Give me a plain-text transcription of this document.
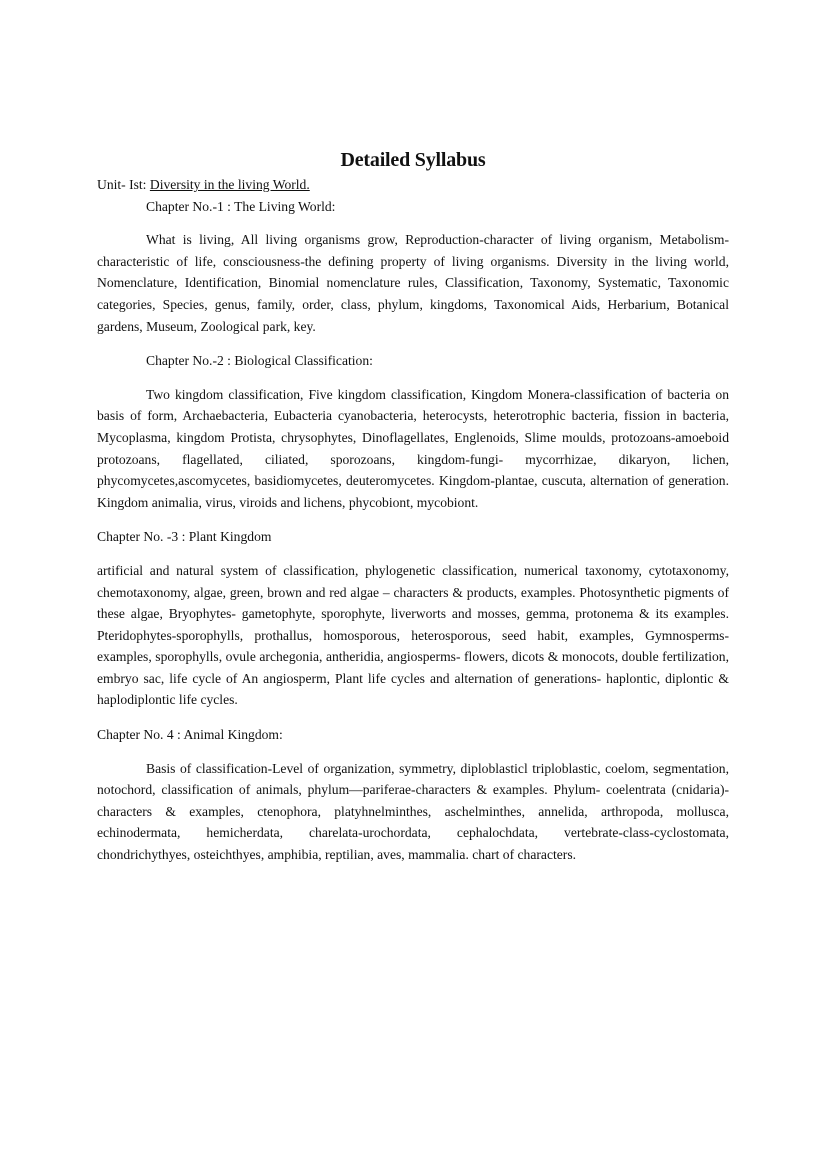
Detailed Syllabus

Unit- Ist: Diversity in the living World.

Chapter No.-1 : The Living World:

What is living, All living organisms grow, Reproduction-character of living organism, Metabolism-characteristic of life, consciousness-the defining property of living organisms. Diversity in the living world, Nomenclature, Identification, Binomial nomenclature rules, Classification, Taxonomy, Systematic, Taxonomic categories, Species, genus, family, order, class, phylum, kingdoms, Taxonomical Aids, Herbarium, Botanical gardens, Museum, Zoological park, key.

Chapter No.-2 : Biological Classification:

Two kingdom classification, Five kingdom classification, Kingdom Monera-classification of bacteria on basis of form, Archaebacteria, Eubacteria cyanobacteria, heterocysts, heterotrophic bacteria, fission in bacteria, Mycoplasma, kingdom Protista, chrysophytes, Dinoflagellates, Englenoids, Slime moulds, protozoans-amoeboid protozoans, flagellated, ciliated, sporozoans, kingdom-fungi- mycorrhizae, dikaryon, lichen, phycomycetes,ascomycetes, basidiomycetes, deuteromycetes. Kingdom-plantae, cuscuta, alternation of generation. Kingdom animalia, virus, viroids and lichens, phycobiont, mycobiont.

Chapter No. -3 : Plant Kingdom

artificial and natural system of classification, phylogenetic classification, numerical taxonomy, cytotaxonomy, chemotaxonomy, algae, green, brown and red algae – characters & products, examples. Photosynthetic pigments of these algae, Bryophytes- gametophyte, sporophyte, liverworts and mosses, gemma, protonema & its examples. Pteridophytes-sporophylls, prothallus, homosporous, heterosporous, seed habit, examples, Gymnosperms- examples, sporophylls, ovule archegonia, antheridia, angiosperms- flowers, dicots & monocots, double fertilization, embryo sac, life cycle of An angiosperm, Plant life cycles and alternation of generations- haplontic, diplontic & haplodiplontic life cycles.

Chapter No. 4 : Animal Kingdom:

Basis of classification-Level of organization, symmetry, diploblasticl triploblastic, coelom, segmentation, notochord, classification of animals, phylum—pariferae-characters & examples. Phylum- coelentrata (cnidaria)- characters & examples, ctenophora, platyhnelminthes, aschelminthes, annelida, arthropoda, mollusca, echinodermata, hemicherdata, charelata-urochordata, cephalochdata, vertebrate-class-cyclostomata, chondrichythyes, osteichthyes, amphibia, reptilian, aves, mammalia. chart of characters.
